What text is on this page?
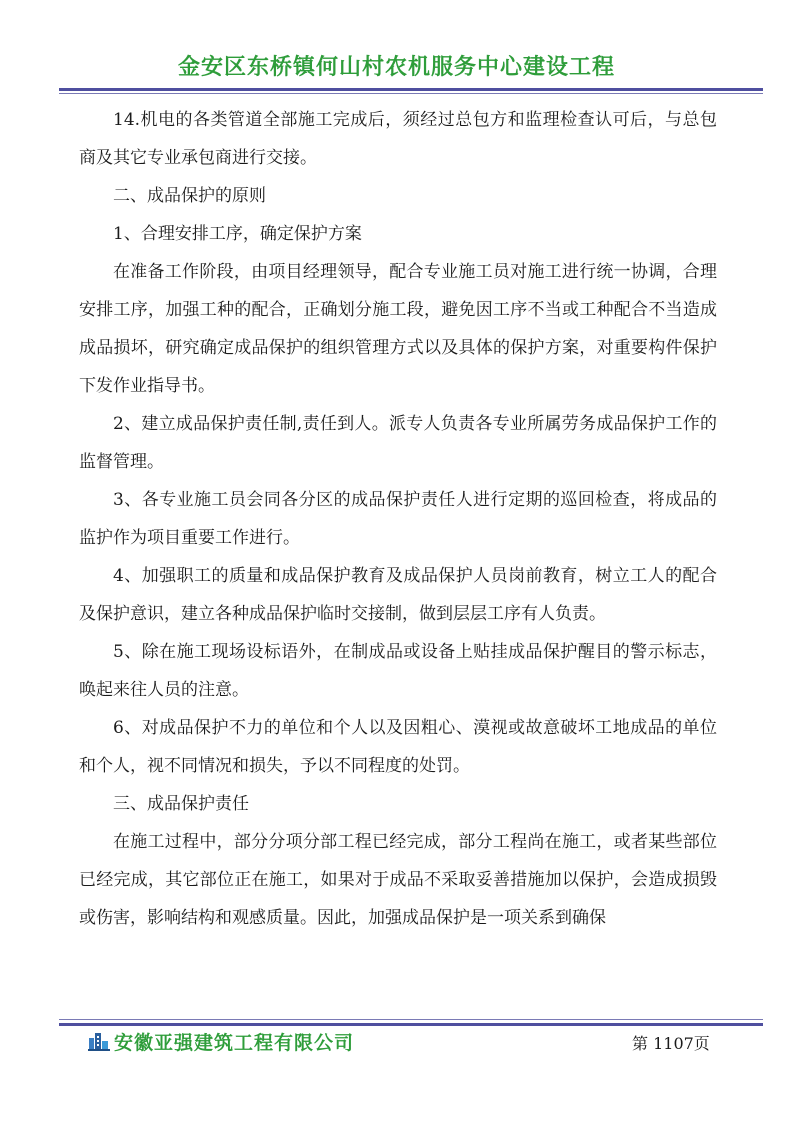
金安区东桥镇何山村农机服务中心建设工程

14.机电的各类管道全部施工完成后，须经过总包方和监理检查认可后，与总包商及其它专业承包商进行交接。

二、成品保护的原则

1、合理安排工序，确定保护方案

在准备工作阶段，由项目经理领导，配合专业施工员对施工进行统一协调，合理安排工序，加强工种的配合，正确划分施工段，避免因工序不当或工种配合不当造成成品损坏，研究确定成品保护的组织管理方式以及具体的保护方案，对重要构件保护下发作业指导书。

2、建立成品保护责任制,责任到人。派专人负责各专业所属劳务成品保护工作的监督管理。

3、各专业施工员会同各分区的成品保护责任人进行定期的巡回检查，将成品的监护作为项目重要工作进行。

4、加强职工的质量和成品保护教育及成品保护人员岗前教育，树立工人的配合及保护意识，建立各种成品保护临时交接制，做到层层工序有人负责。

5、除在施工现场设标语外，在制成品或设备上贴挂成品保护醒目的警示标志，唤起来往人员的注意。

6、对成品保护不力的单位和个人以及因粗心、漠视或故意破坏工地成品的单位和个人，视不同情况和损失，予以不同程度的处罚。

三、成品保护责任

在施工过程中，部分分项分部工程已经完成，部分工程尚在施工，或者某些部位已经完成，其它部位正在施工，如果对于成品不采取妥善措施加以保护，会造成损毁或伤害，影响结构和观感质量。因此，加强成品保护是一项关系到确保

安徽亚强建筑工程有限公司	第 1107页
